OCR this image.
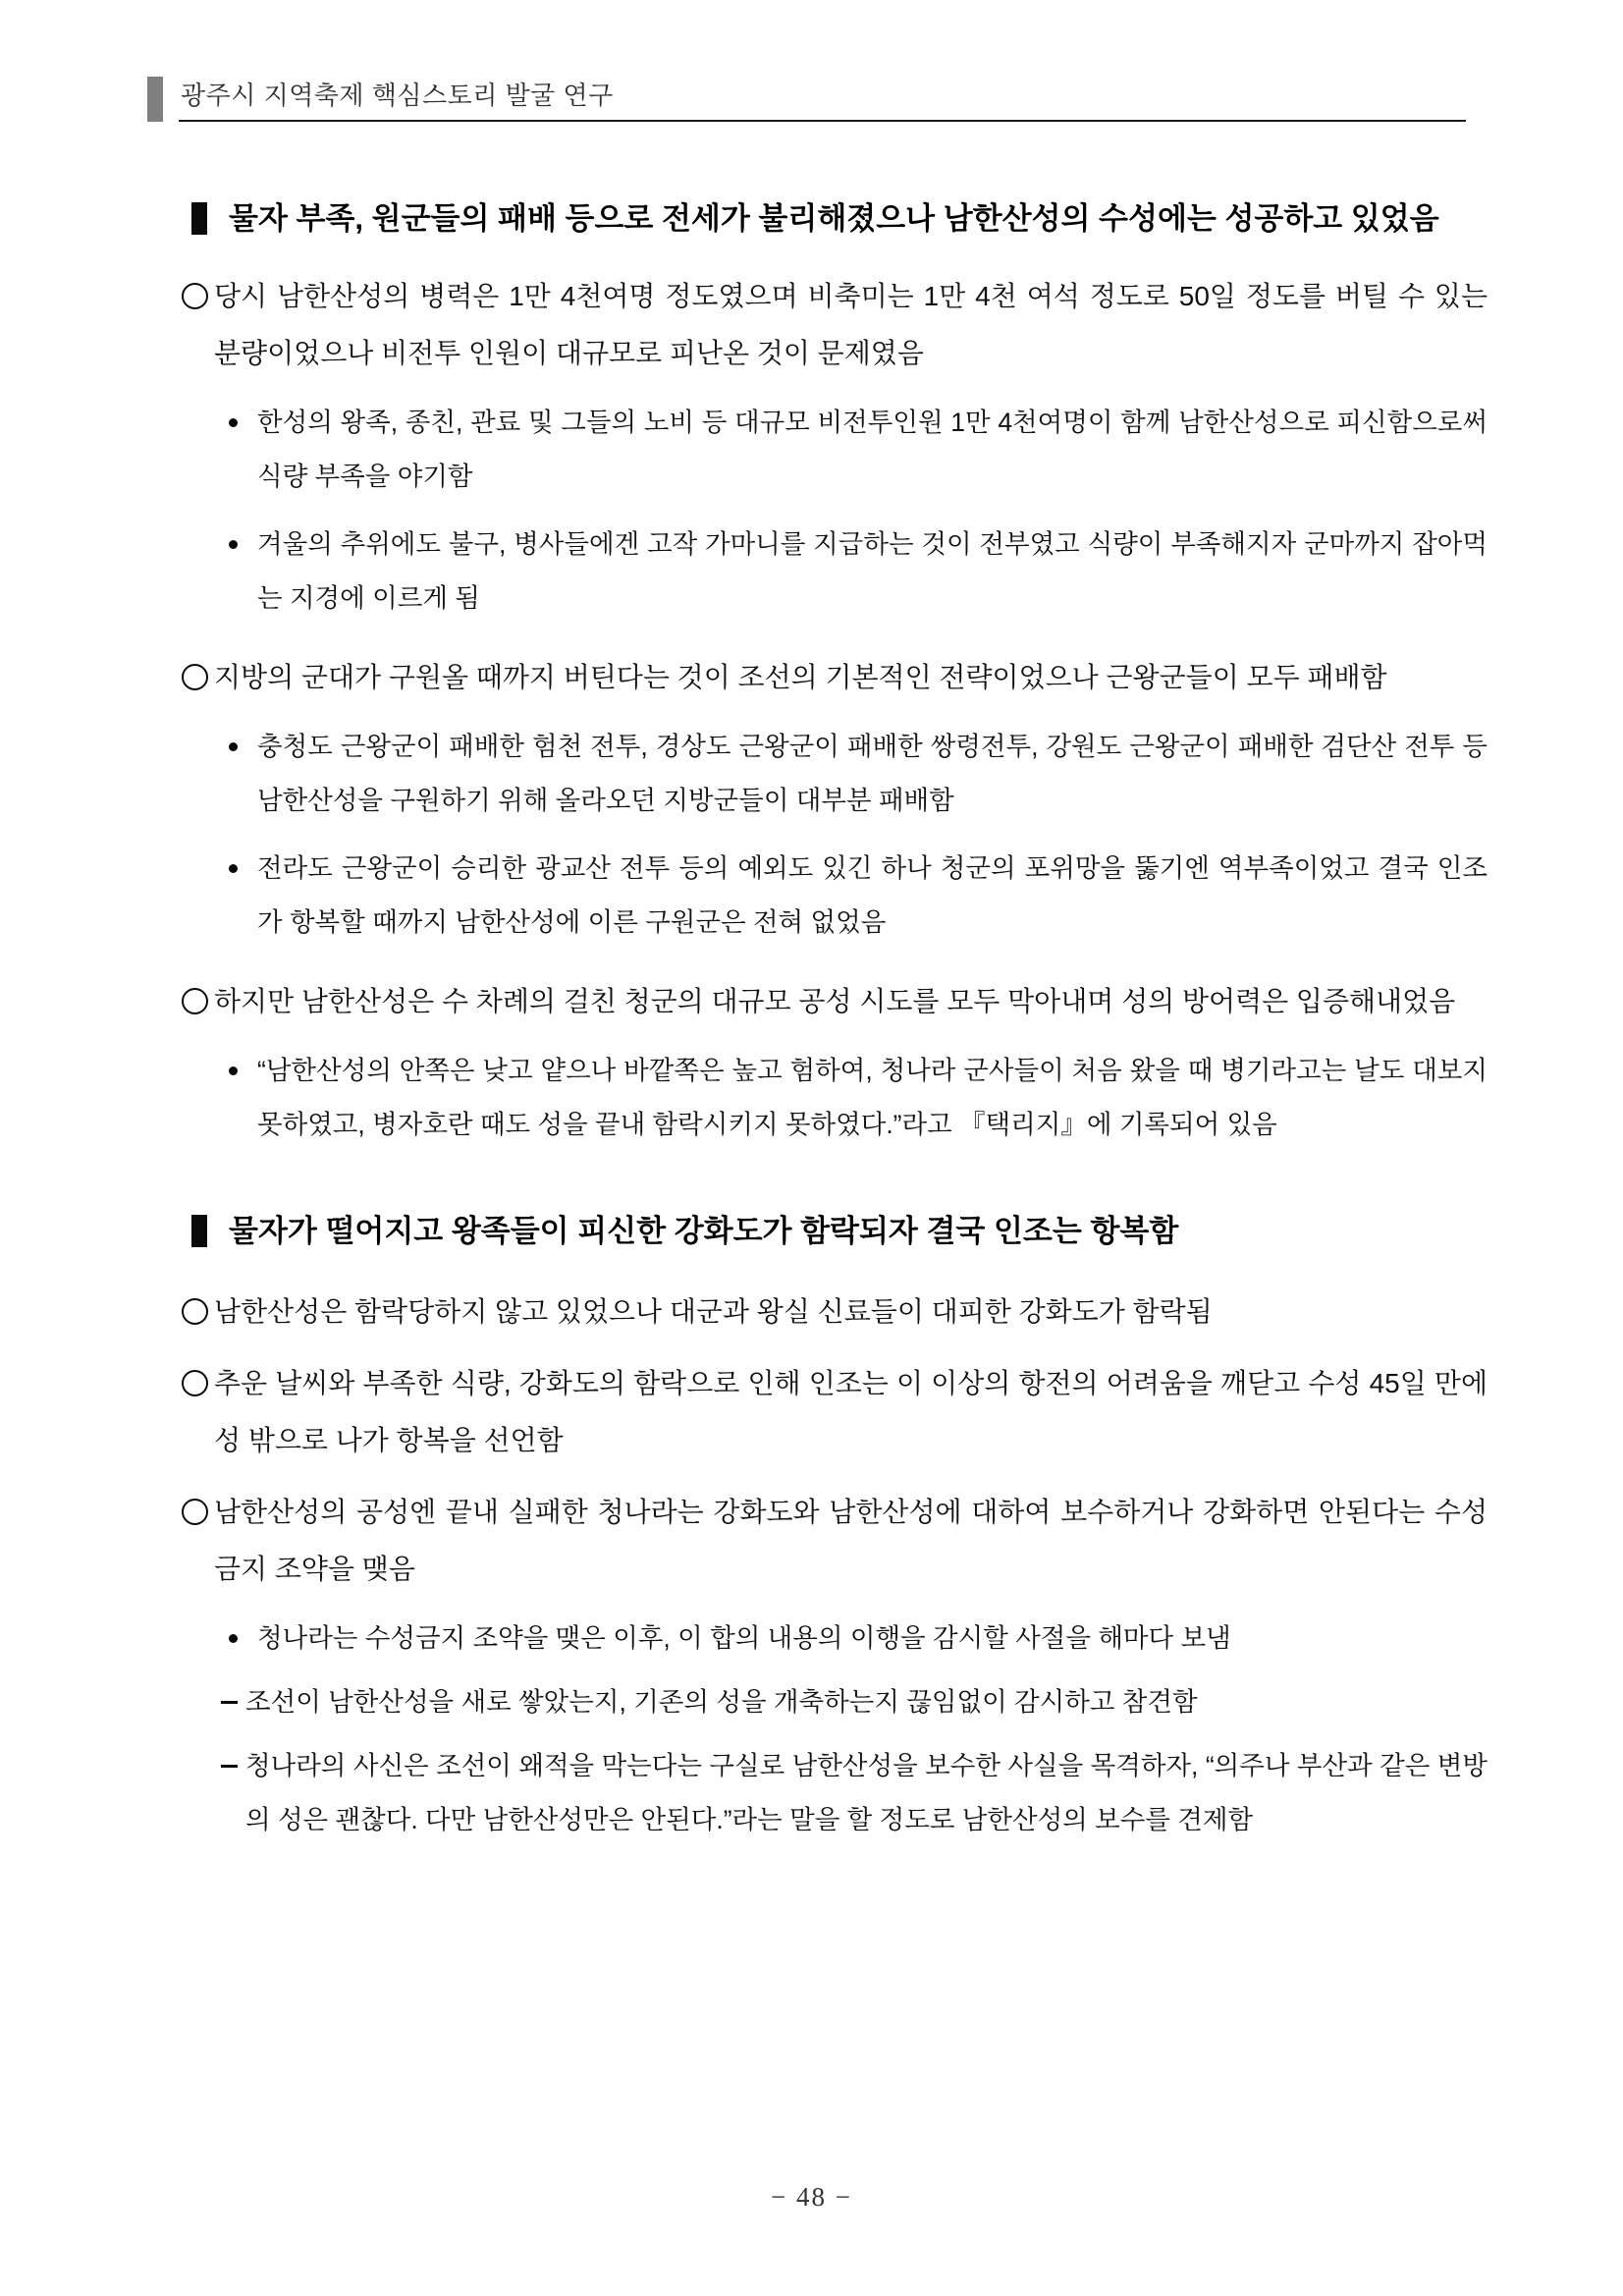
광주시 지역축제 핵심스토리 발굴 연구
물자 부족, 원군들의 패배 등으로 전세가 불리해졌으나 남한산성의 수성에는 성공하고 있었음
당시 남한산성의 병력은 1만 4천여명 정도였으며 비축미는 1만 4천 여석 정도로 50일 정도를 버틸 수 있는 분량이었으나 비전투 인원이 대규모로 피난온 것이 문제였음
한성의 왕족, 종친, 관료 및 그들의 노비 등 대규모 비전투인원 1만 4천여명이 함께 남한산성으로 피신함으로써 식량 부족을 야기함
겨울의 추위에도 불구, 병사들에겐 고작 가마니를 지급하는 것이 전부였고 식량이 부족해지자 군마까지 잡아먹는 지경에 이르게 됨
지방의 군대가 구원올 때까지 버틴다는 것이 조선의 기본적인 전략이었으나 근왕군들이 모두 패배함
충청도 근왕군이 패배한 험천 전투, 경상도 근왕군이 패배한 쌍령전투, 강원도 근왕군이 패배한 검단산 전투 등 남한산성을 구원하기 위해 올라오던 지방군들이 대부분 패배함
전라도 근왕군이 승리한 광교산 전투 등의 예외도 있긴 하나 청군의 포위망을 뚫기엔 역부족이었고 결국 인조가 항복할 때까지 남한산성에 이른 구원군은 전혀 없었음
하지만 남한산성은 수 차례의 걸친 청군의 대규모 공성 시도를 모두 막아내며 성의 방어력은 입증해내었음
“남한산성의 안쪽은 낮고 얕으나 바깥쪽은 높고 험하여, 청나라 군사들이 처음 왔을 때 병기라고는 날도 대보지 못하였고, 병자호란 때도 성을 끝내 함락시키지 못하였다.”라고 『택리지』에 기록되어 있음
물자가 떨어지고 왕족들이 피신한 강화도가 함락되자 결국 인조는 항복함
남한산성은 함락당하지 않고 있었으나 대군과 왕실 신료들이 대피한 강화도가 함락됨
추운 날씨와 부족한 식량, 강화도의 함락으로 인해 인조는 이 이상의 항전의 어려움을 깨닫고 수성 45일 만에 성 밖으로 나가 항복을 선언함
남한산성의 공성엔 끝내 실패한 청나라는 강화도와 남한산성에 대하여 보수하거나 강화하면 안된다는 수성금지 조약을 맺음
청나라는 수성금지 조약을 맺은 이후, 이 합의 내용의 이행을 감시할 사절을 해마다 보냄
조선이 남한산성을 새로 쌓았는지, 기존의 성을 개축하는지 끊임없이 감시하고 참견함
청나라의 사신은 조선이 왜적을 막는다는 구실로 남한산성을 보수한 사실을 목격하자, “의주나 부산과 같은 변방의 성은 괜찮다. 다만 남한산성만은 안된다.”라는 말을 할 정도로 남한산성의 보수를 견제함
− 48 −
